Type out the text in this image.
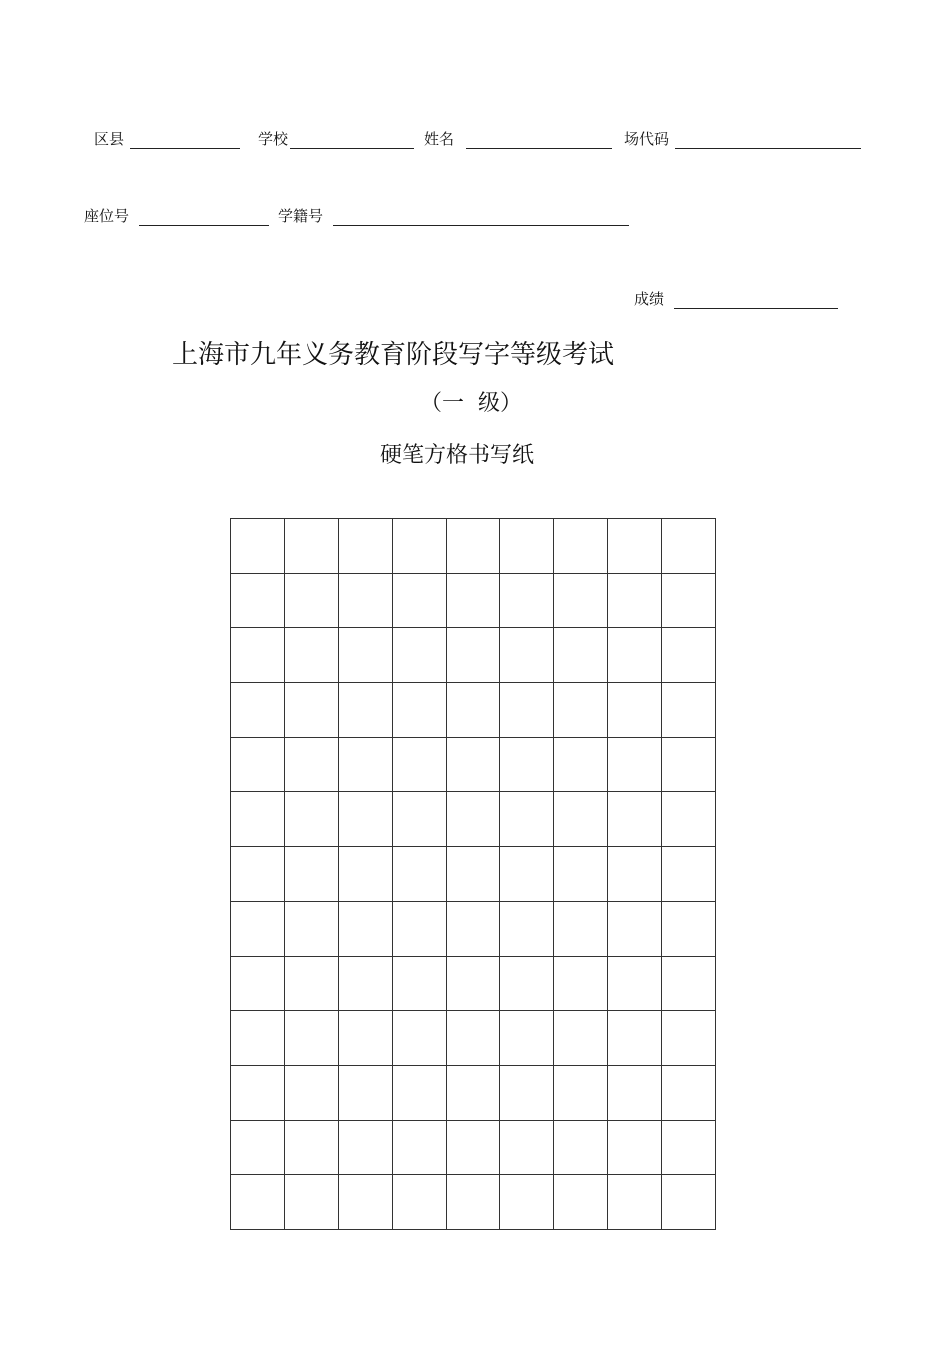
区县	学校	姓名	场代码
座位号	学籍号
成绩
上海市九年义务教育阶段写字等级考试
（一  级）
硬笔方格书写纸
